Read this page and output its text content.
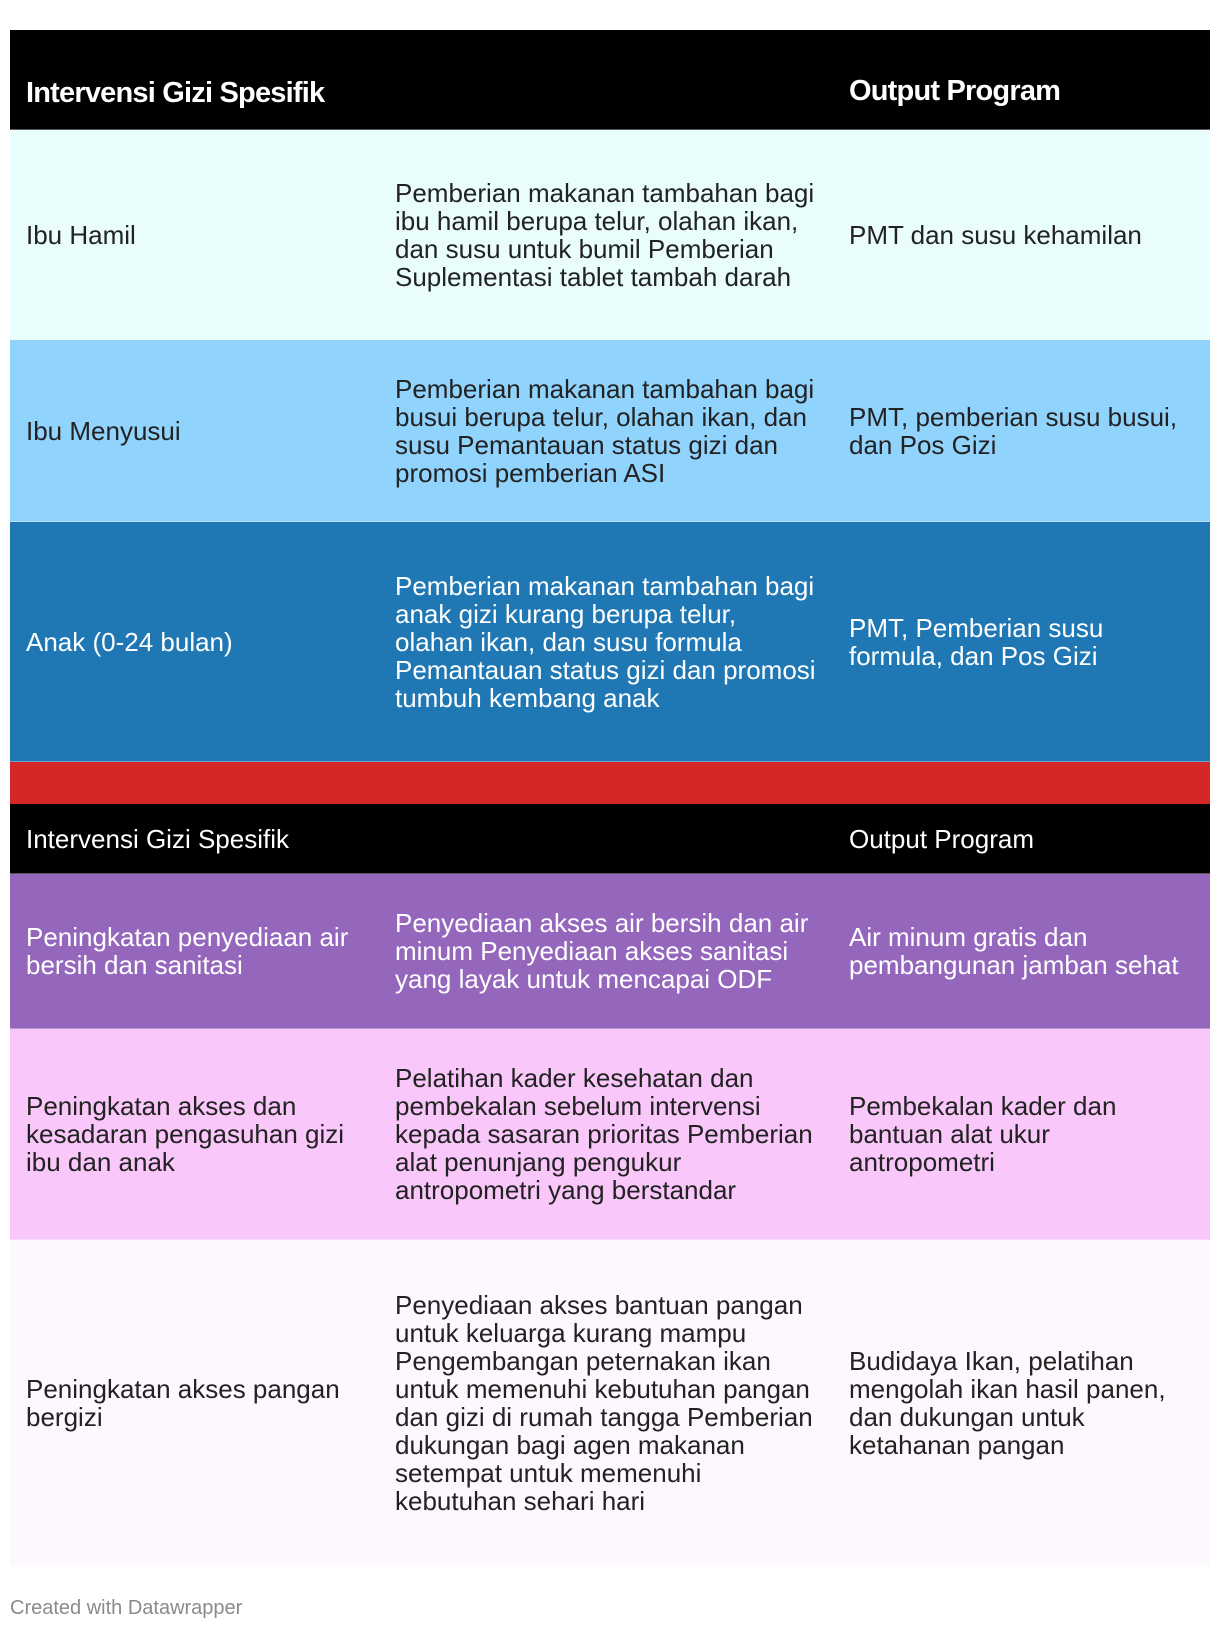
Intervensi Gizi Spesifik	Output Program
Ibu Hamil
Pemberian makanan tambahan bagi ibu hamil berupa telur, olahan ikan, dan susu untuk bumil Pemberian Suplementasi tablet tambah darah
PMT dan susu kehamilan
Ibu Menyusui
Pemberian makanan tambahan bagi busui berupa telur, olahan ikan, dan susu Pemantauan status gizi dan promosi pemberian ASI
PMT, pemberian susu busui, dan Pos Gizi
Anak (0-24 bulan)
Pemberian makanan tambahan bagi anak gizi kurang berupa telur, olahan ikan, dan susu formula Pemantauan status gizi dan promosi tumbuh kembang anak
PMT, Pemberian susu formula, dan Pos Gizi
Intervensi Gizi Spesifik	Output Program
Peningkatan penyediaan air bersih dan sanitasi
Penyediaan akses air bersih dan air minum Penyediaan akses sanitasi yang layak untuk mencapai ODF
Air minum gratis dan pembangunan jamban sehat
Peningkatan akses dan kesadaran pengasuhan gizi ibu dan anak
Pelatihan kader kesehatan dan pembekalan sebelum intervensi kepada sasaran prioritas Pemberian alat penunjang pengukur antropometri yang berstandar
Pembekalan kader dan bantuan alat ukur antropometri
Peningkatan akses pangan bergizi
Penyediaan akses bantuan pangan untuk keluarga kurang mampu Pengembangan peternakan ikan untuk memenuhi kebutuhan pangan dan gizi di rumah tangga Pemberian dukungan bagi agen makanan setempat untuk memenuhi kebutuhan sehari hari
Budidaya Ikan, pelatihan mengolah ikan hasil panen, dan dukungan untuk ketahanan pangan
Created with Datawrapper
